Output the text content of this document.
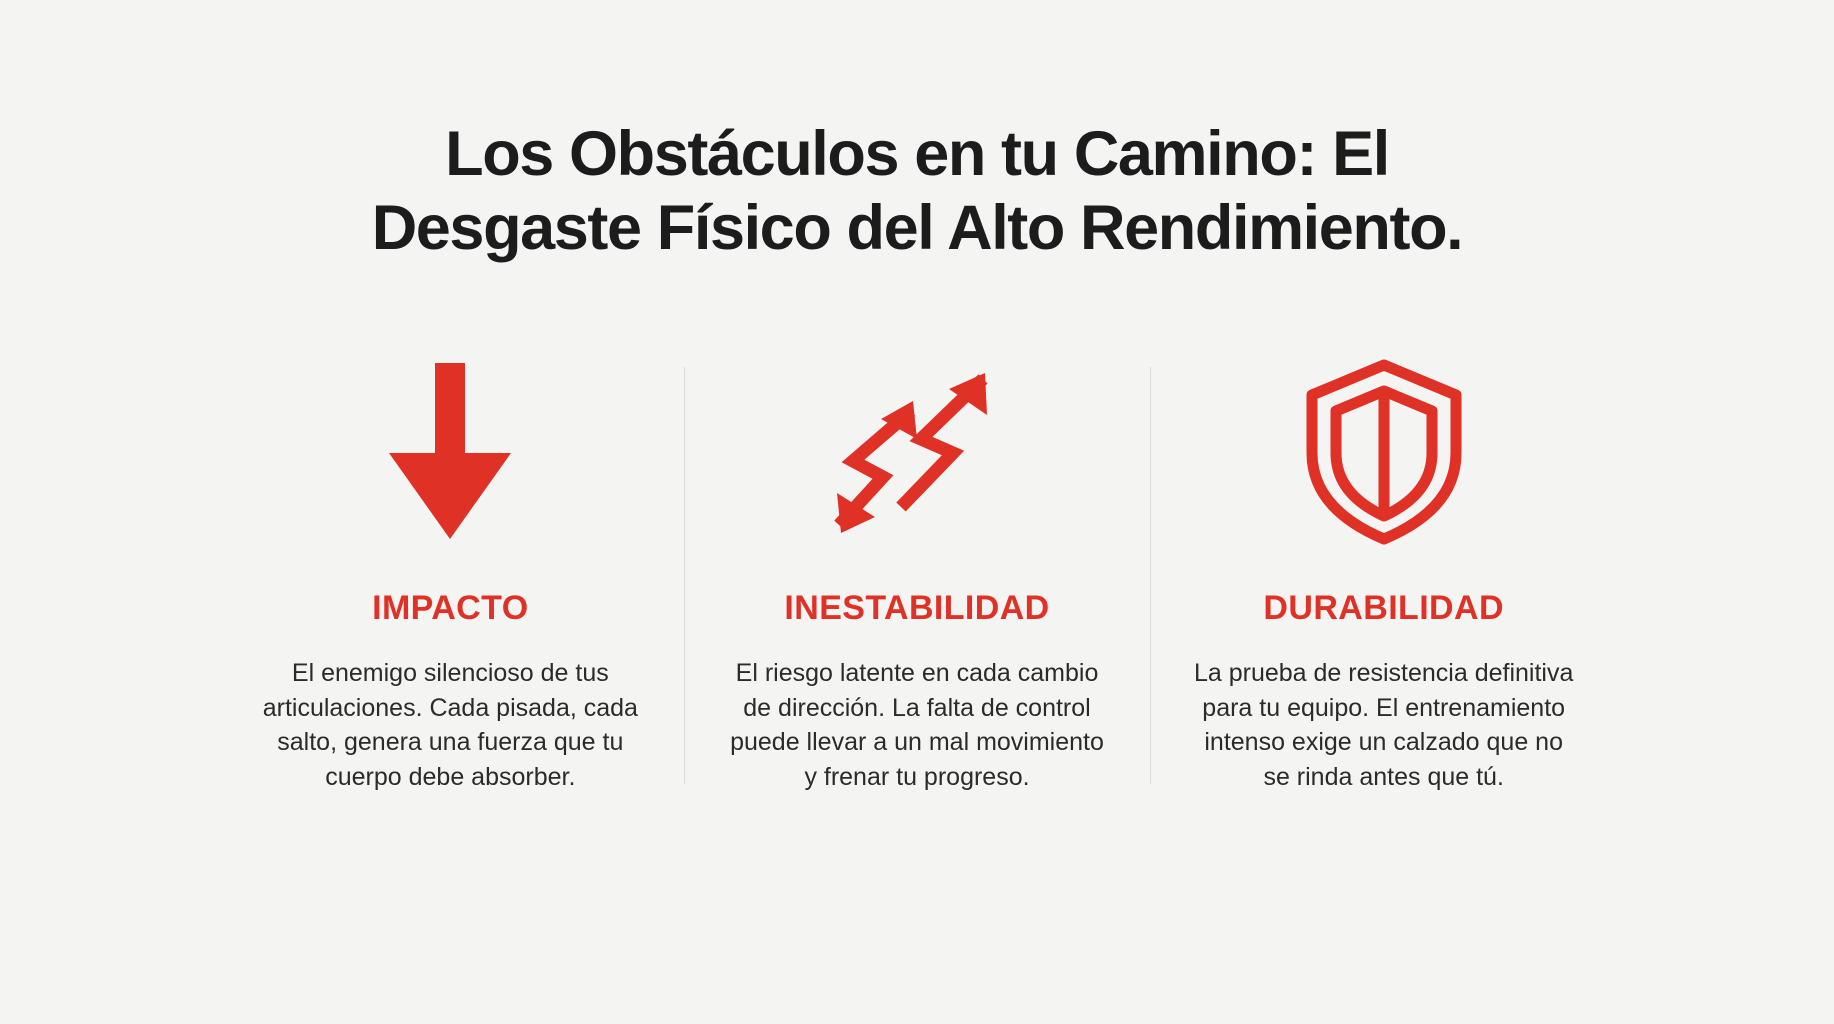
Los Obstáculos en tu Camino: El
Desgaste Físico del Alto Rendimiento.
IMPACTO
El enemigo silencioso de tus articulaciones. Cada pisada, cada salto, genera una fuerza que tu cuerpo debe absorber.
INESTABILIDAD
El riesgo latente en cada cambio de dirección. La falta de control puede llevar a un mal movimiento y frenar tu progreso.
DURABILIDAD
La prueba de resistencia definitiva para tu equipo. El entrenamiento intenso exige un calzado que no se rinda antes que tú.
